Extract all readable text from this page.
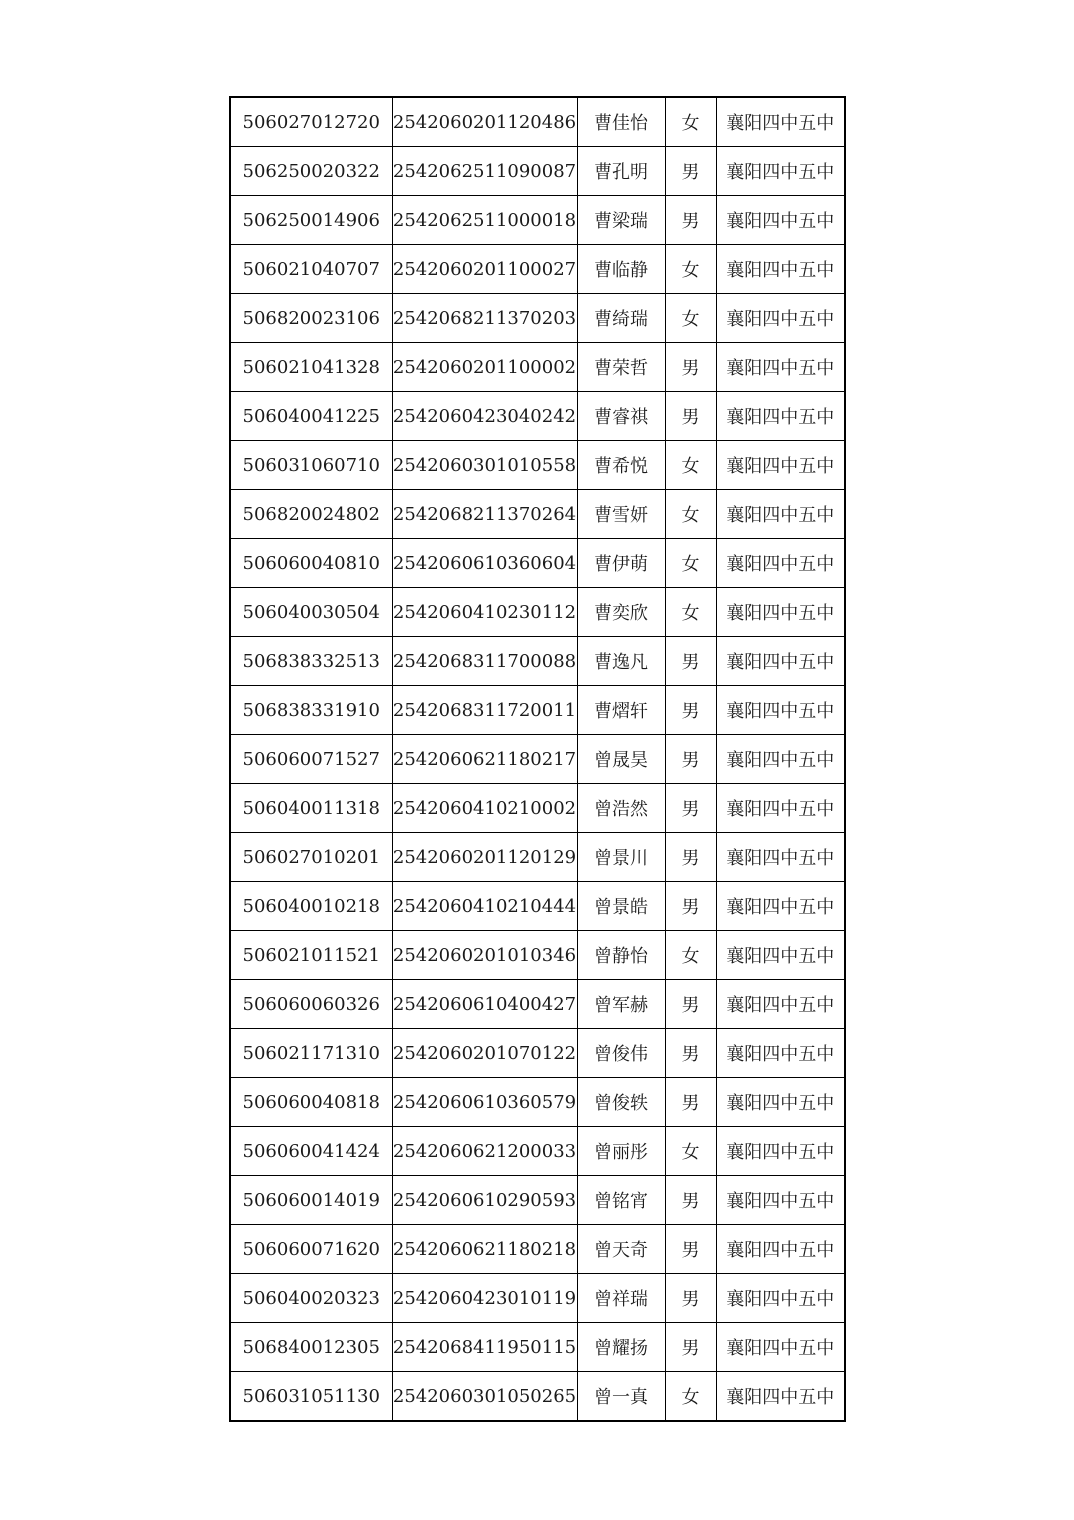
506027012720	2542060201120486	曹佳怡	女	襄阳四中五中
506250020322	2542062511090087	曹孔明	男	襄阳四中五中
506250014906	2542062511000018	曹梁瑞	男	襄阳四中五中
506021040707	2542060201100027	曹临静	女	襄阳四中五中
506820023106	2542068211370203	曹绮瑞	女	襄阳四中五中
506021041328	2542060201100002	曹荣哲	男	襄阳四中五中
506040041225	2542060423040242	曹睿祺	男	襄阳四中五中
506031060710	2542060301010558	曹希悦	女	襄阳四中五中
506820024802	2542068211370264	曹雪妍	女	襄阳四中五中
506060040810	2542060610360604	曹伊萌	女	襄阳四中五中
506040030504	2542060410230112	曹奕欣	女	襄阳四中五中
506838332513	2542068311700088	曹逸凡	男	襄阳四中五中
506838331910	2542068311720011	曹熠轩	男	襄阳四中五中
506060071527	2542060621180217	曾晟昊	男	襄阳四中五中
506040011318	2542060410210002	曾浩然	男	襄阳四中五中
506027010201	2542060201120129	曾景川	男	襄阳四中五中
506040010218	2542060410210444	曾景皓	男	襄阳四中五中
506021011521	2542060201010346	曾静怡	女	襄阳四中五中
506060060326	2542060610400427	曾军赫	男	襄阳四中五中
506021171310	2542060201070122	曾俊伟	男	襄阳四中五中
506060040818	2542060610360579	曾俊轶	男	襄阳四中五中
506060041424	2542060621200033	曾丽彤	女	襄阳四中五中
506060014019	2542060610290593	曾铭宵	男	襄阳四中五中
506060071620	2542060621180218	曾天奇	男	襄阳四中五中
506040020323	2542060423010119	曾祥瑞	男	襄阳四中五中
506840012305	2542068411950115	曾耀扬	男	襄阳四中五中
506031051130	2542060301050265	曾一真	女	襄阳四中五中
